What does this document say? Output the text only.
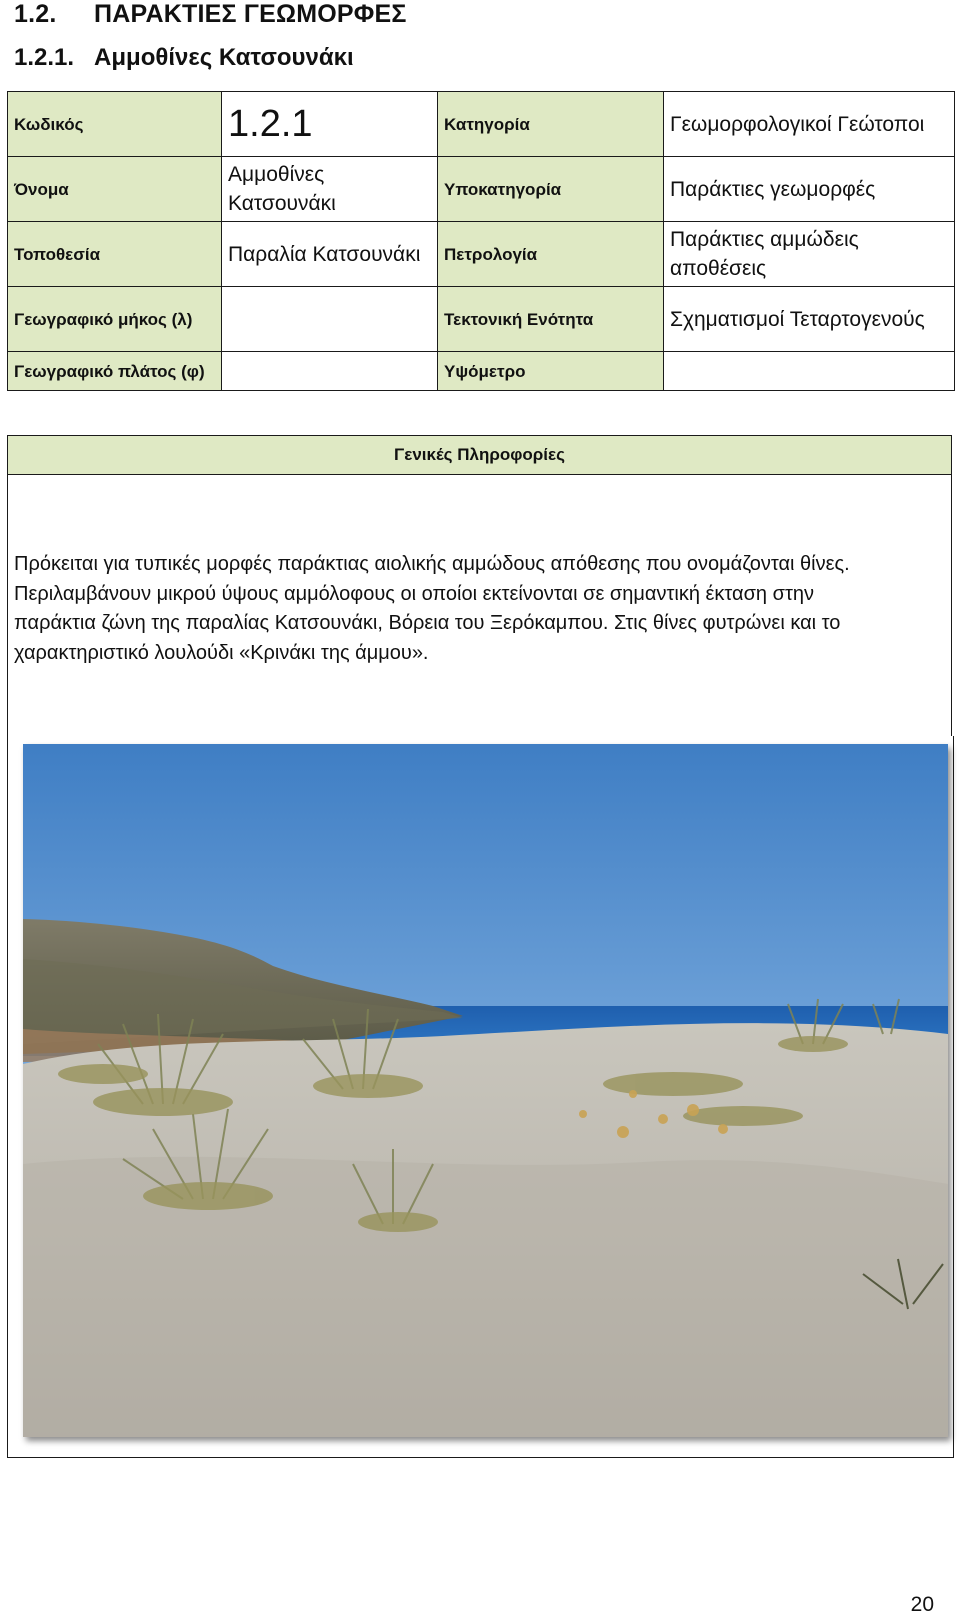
1.2. ΠΑΡΑΚΤΙΕΣ ΓΕΩΜΟΡΦΕΣ
1.2.1. Αμμοθίνες Κατσουνάκι
Κωδικός	1.2.1	Κατηγορία	Γεωμορφολογικοί Γεώτοποι
Όνομα	Αμμοθίνες Κατσουνάκι	Υποκατηγορία	Παράκτιες γεωμορφές
Τοποθεσία	Παραλία Κατσουνάκι	Πετρολογία	Παράκτιες αμμώδεις αποθέσεις
Γεωγραφικό μήκος (λ)		Τεκτονική Ενότητα	Σχηματισμοί Τεταρτογενούς
Γεωγραφικό πλάτος (φ)		Υψόμετρο	
Γενικές Πληροφορίες
Πρόκειται για τυπικές μορφές παράκτιας αιολικής αμμώδους απόθεσης που ονομάζονται θίνες. Περιλαμβάνουν μικρού ύψους αμμόλοφους οι οποίοι εκτείνονται σε σημαντική έκταση στην παράκτια ζώνη της παραλίας Κατσουνάκι, Βόρεια του Ξερόκαμπου. Στις θίνες φυτρώνει και το χαρακτηριστικό λουλούδι «Κρινάκι της άμμου».
20
